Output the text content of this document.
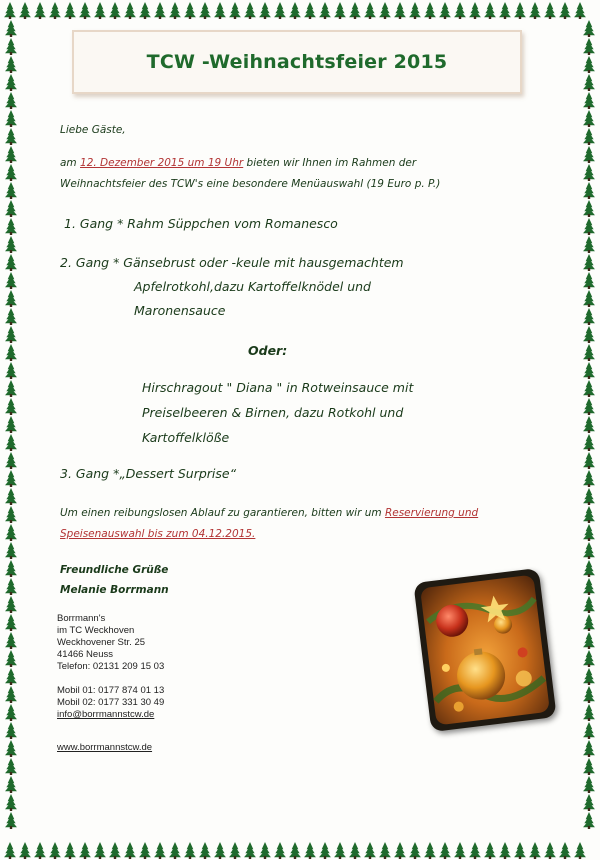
TCW -Weihnachtsfeier 2015
Liebe Gäste,
am 12. Dezember 2015 um 19 Uhr bieten wir Ihnen im Rahmen der
Weihnachtsfeier des TCW's eine besondere Menüauswahl (19 Euro p. P.)
1. Gang * Rahm Süppchen vom Romanesco
2. Gang * Gänsebrust oder -keule mit hausgemachtem
Apfelrotkohl,dazu Kartoffelknödel und
Maronensauce
Oder:
Hirschragout " Diana " in Rotweinsauce mit
Preiselbeeren & Birnen, dazu Rotkohl und
Kartoffelklöße
3. Gang *„Dessert Surprise“
Um einen reibungslosen Ablauf zu garantieren, bitten wir um Reservierung und
Speisenauswahl bis zum 04.12.2015.
Freundliche Grüße
Melanie Borrmann
Borrmann's
im TC Weckhoven
Weckhovener Str. 25
41466 Neuss
Telefon: 02131 209 15 03
Mobil 01: 0177 874 01 13
Mobil 02: 0177 331 30 49
info@borrmannstcw.de
www.borrmannstcw.de
